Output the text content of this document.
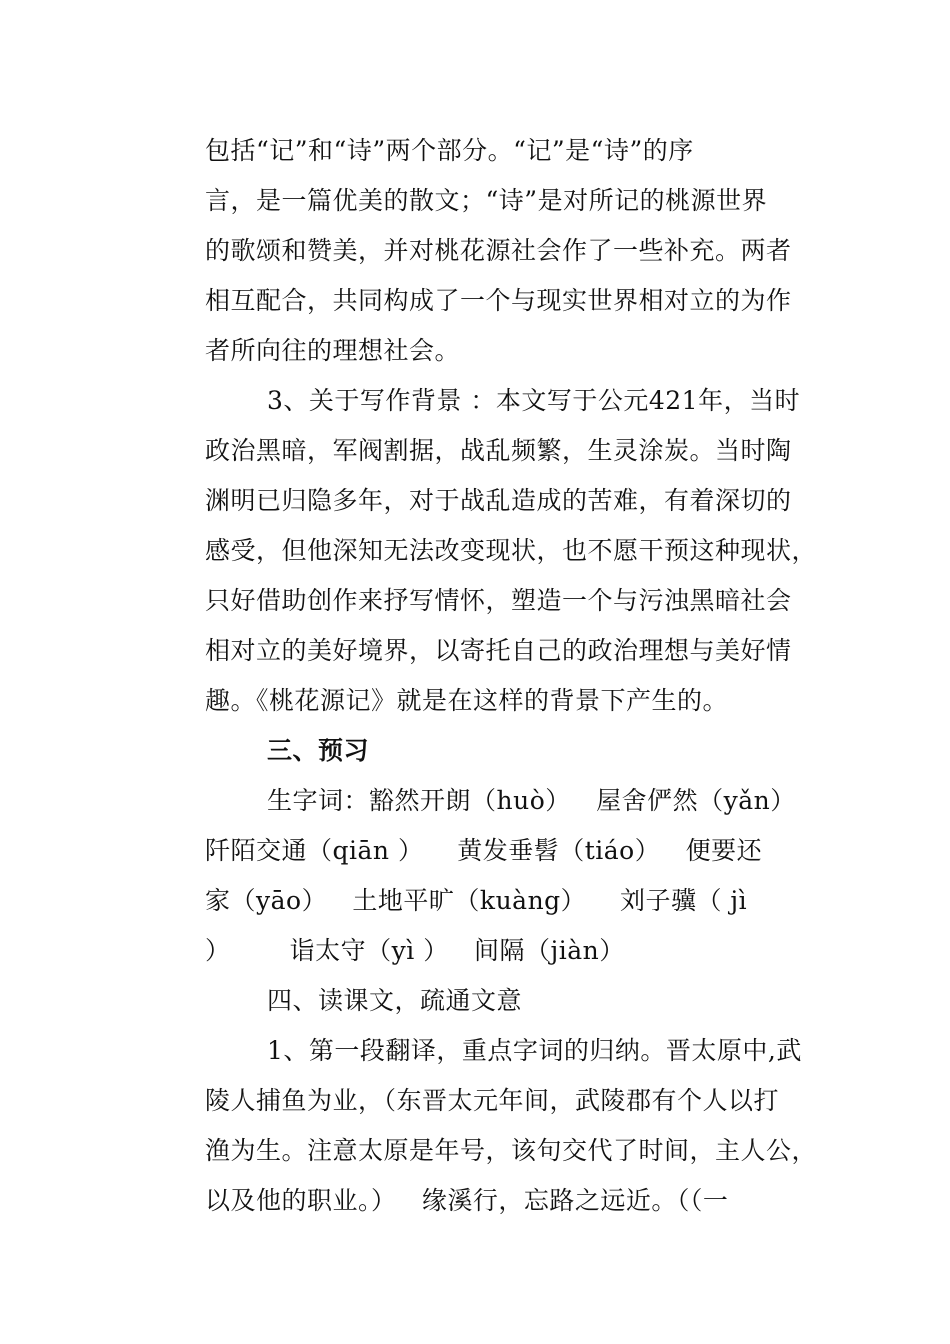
包括“记”和“诗”两个部分。“记”是“诗”的序
言，是一篇优美的散文；“诗”是对所记的桃源世界
的歌颂和赞美，并对桃花源社会作了一些补充。两者
相互配合，共同构成了一个与现实世界相对立的为作
者所向往的理想社会。
3、关于写作背景 ：本文写于公元421年，当时
政治黑暗，军阀割据，战乱频繁，生灵涂炭。当时陶
渊明已归隐多年，对于战乱造成的苦难，有着深切的
感受，但他深知无法改变现状，也不愿干预这种现状，
只好借助创作来抒写情怀，塑造一个与污浊黑暗社会
相对立的美好境界，以寄托自己的政治理想与美好情
趣。《桃花源记》就是在这样的背景下产生的。
三、预习
生字词：豁然开朗（huò）   屋舍俨然（yǎn）
阡陌交通（qiān ）    黄发垂髫（tiáo）   便要还
家（yāo）   土地平旷（kuàng）    刘子骥（ jì
）       诣太守（yì ）   间隔（jiàn）
四、读课文，疏通文意
1、第一段翻译，重点字词的归纳。晋太原中,武
陵人捕鱼为业，（东晋太元年间，武陵郡有个人以打
渔为生。注意太原是年号，该句交代了时间，主人公，
以及他的职业。）   缘溪行，忘路之远近。（（一
